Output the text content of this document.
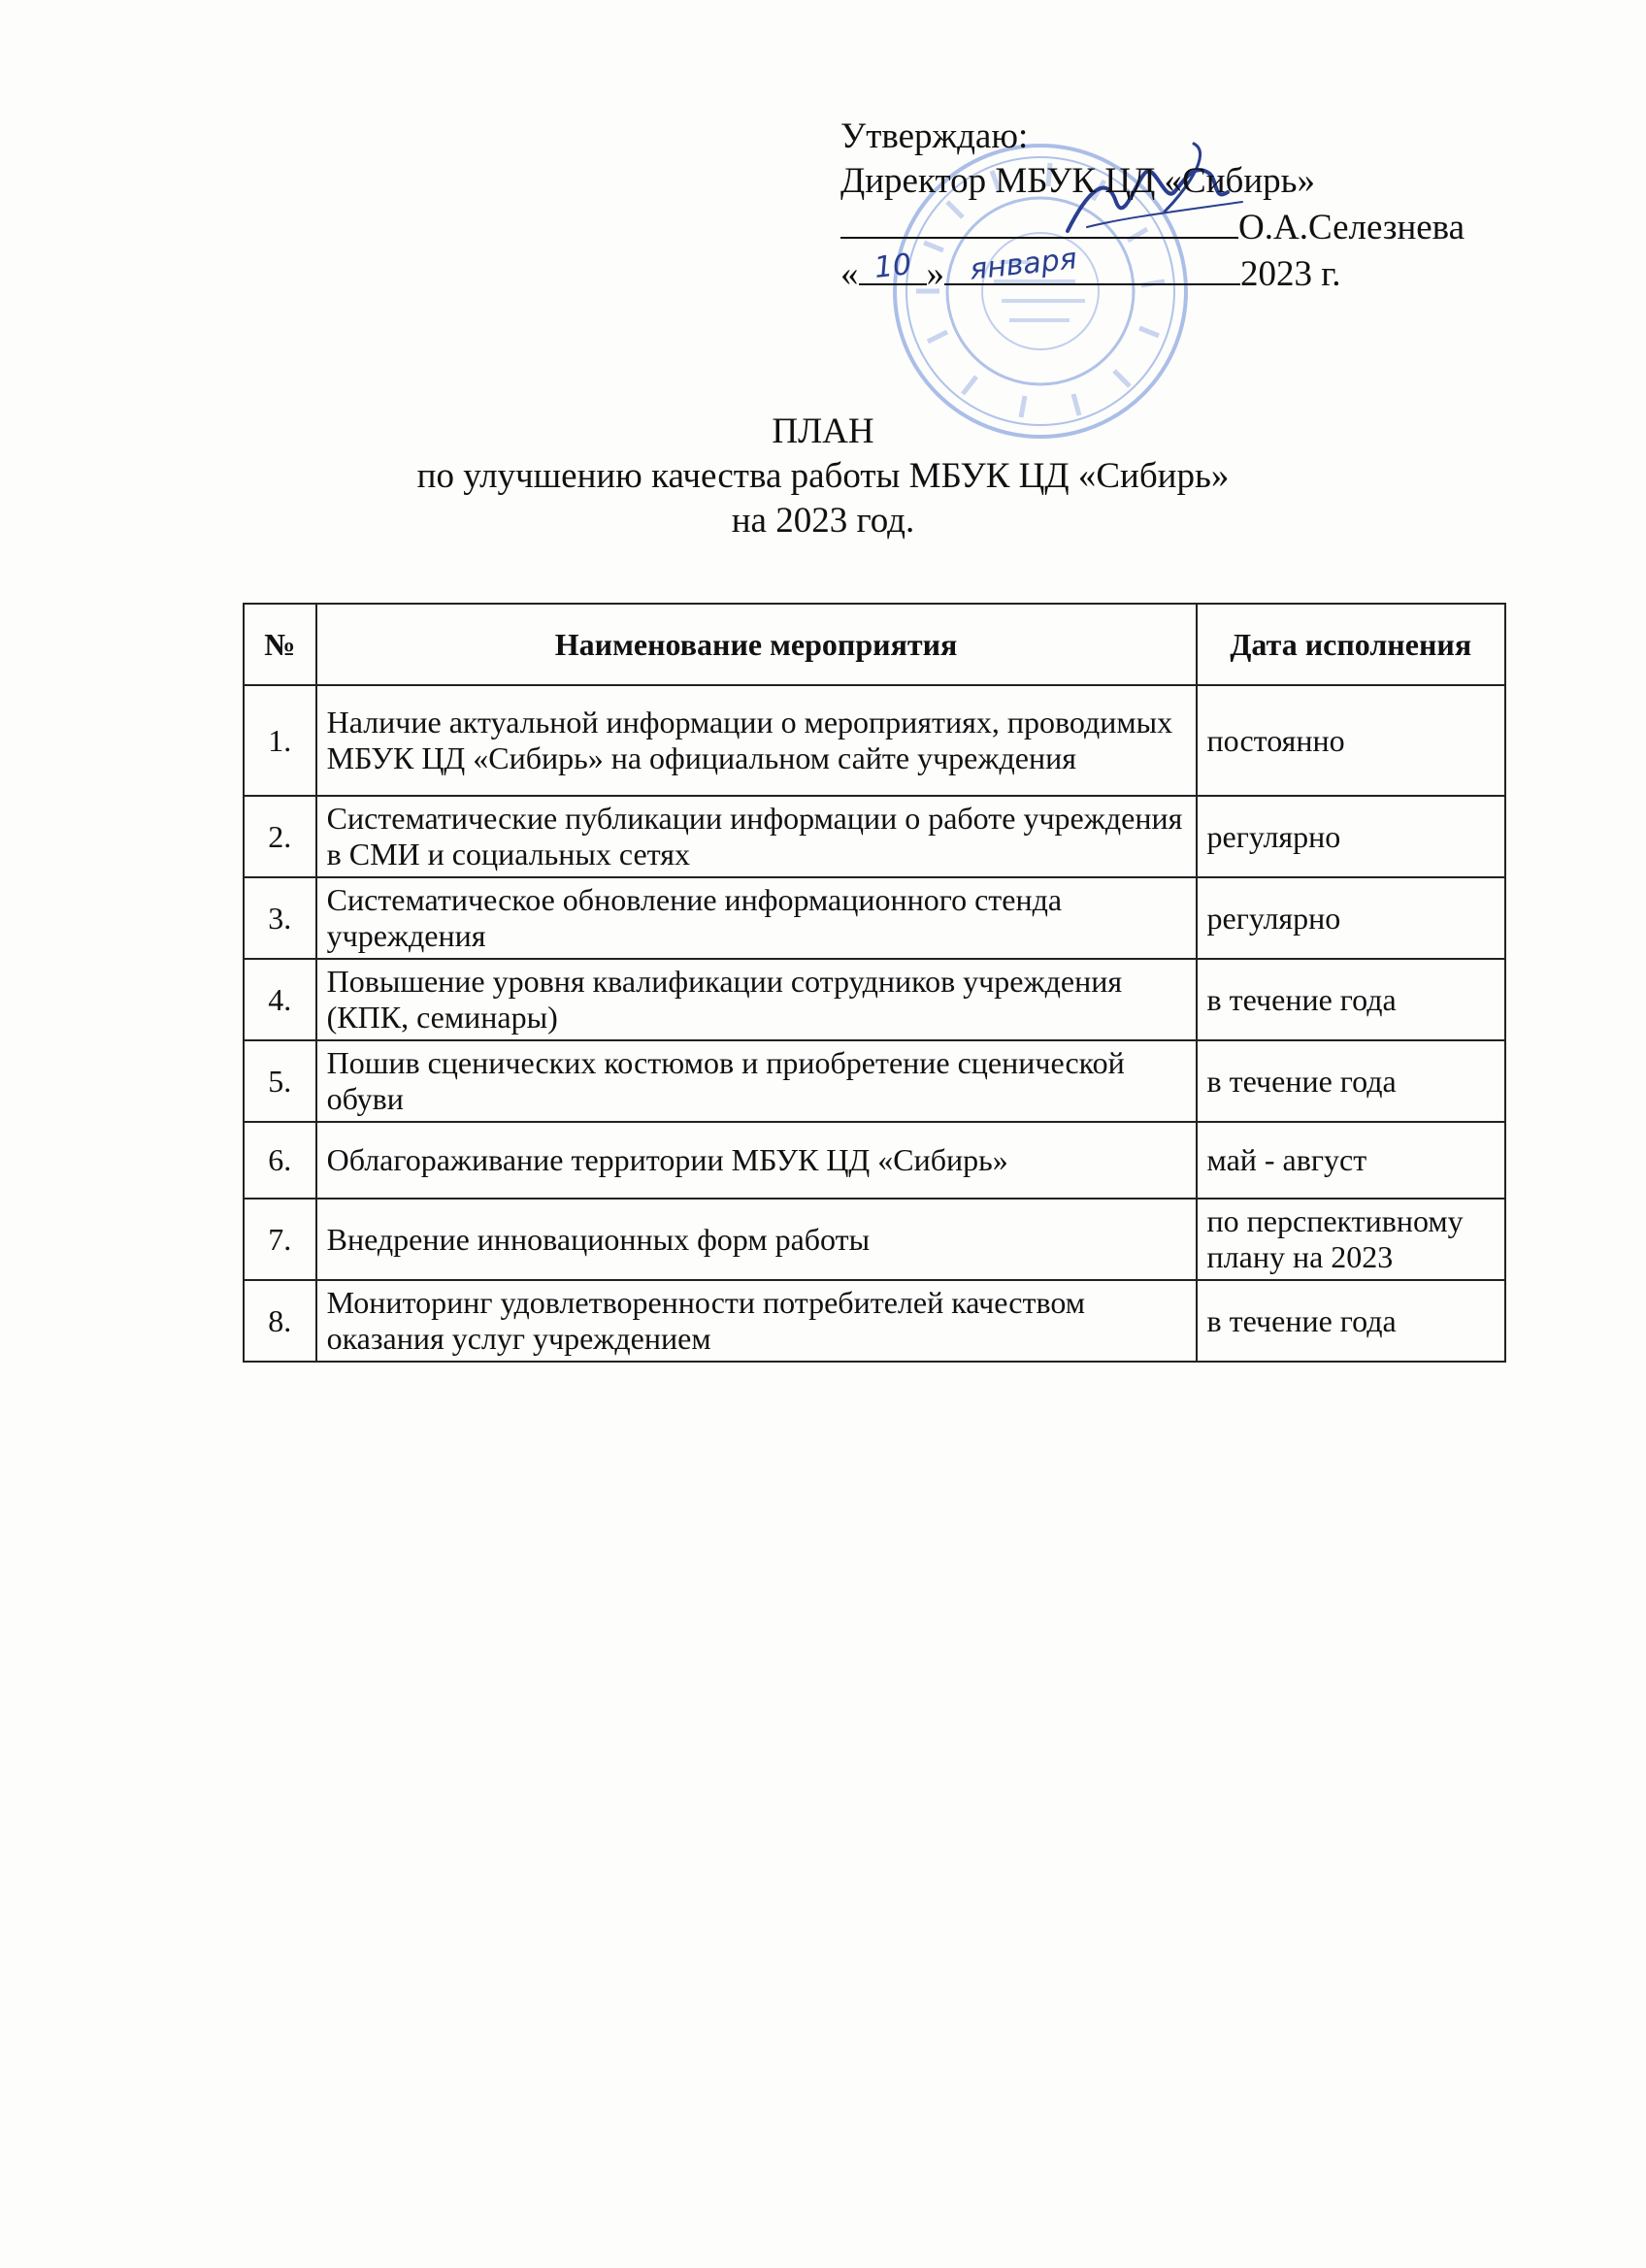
Утверждаю:
Директор МБУК ЦД «Сибирь»
О.А.Селезнева
« 10 » января	2023 г.
ПЛАН
по улучшению качества работы МБУК ЦД «Сибирь»
на 2023 год.
№	Наименование мероприятия	Дата исполнения
1.	Наличие актуальной информации о мероприятиях, проводимых МБУК ЦД «Сибирь» на официальном сайте учреждения	постоянно
2.	Систематические публикации информации о работе учреждения в СМИ и социальных сетях	регулярно
3.	Систематическое обновление информационного стенда учреждения	регулярно
4.	Повышение уровня квалификации сотрудников учреждения (КПК, семинары)	в течение года
5.	Пошив сценических костюмов и приобретение сценической обуви	в течение года
6.	Облагораживание территории МБУК ЦД «Сибирь»	май - август
7.	Внедрение инновационных форм работы	по перспективному плану на 2023
8.	Мониторинг удовлетворенности потребителей качеством оказания услуг учреждением	в течение года
